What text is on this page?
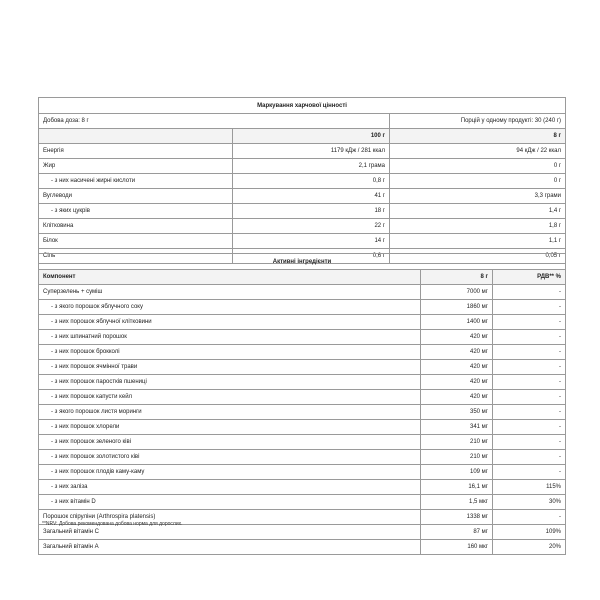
Маркування харчової цінності		
Добова доза: 8 г		Порцій у одному продукті: 30 (240 г)
	100 г	8 г
Енергія	1179 кДж / 281 ккал	94 кДж / 22 ккал
Жир	2,1 грама	0 г
- з них насичені жирні кислоти	0,8 г	0 г
Вуглеводи	41 г	3,3 грами
- з яких цукрів	18 г	1,4 г
Клітковина	22 г	1,8 г
Білок	14 г	1,1 г
Сіль	0,6 г	0,05 г
Активні інгредієнти		
Компонент	8 г	РДВ** %
Суперзелень + суміш	7000 мг	-
- з якого порошок яблучного соку	1860 мг	-
- з них порошок яблучної клітковини	1400 мг	-
- з них шпинатний порошок	420 мг	-
- з них порошок брокколі	420 мг	-
- з них порошок ячмінної трави	420 мг	-
- з них порошок паростків пшениці	420 мг	-
- з них порошок капусти кейл	420 мг	-
- з якого порошок листя моринги	350 мг	-
- з них порошок хлорели	341 мг	-
- з них порошок зеленого ківі	210 мг	-
- з них порошок золотистого ківі	210 мг	-
- з них порошок плодів каму-каму	109 мг	-
- з них заліза	16,1 мг	115%
- з них вітамін D	1,5 мкг	30%
Порошок спіруліни (Arthrospira platensis)	1338 мг	-
Загальний вітамін С	87 мг	109%
Загальний вітамін А	160 мкг	20%
**NRV: Добова рекомендована добова норма для дорослих.
